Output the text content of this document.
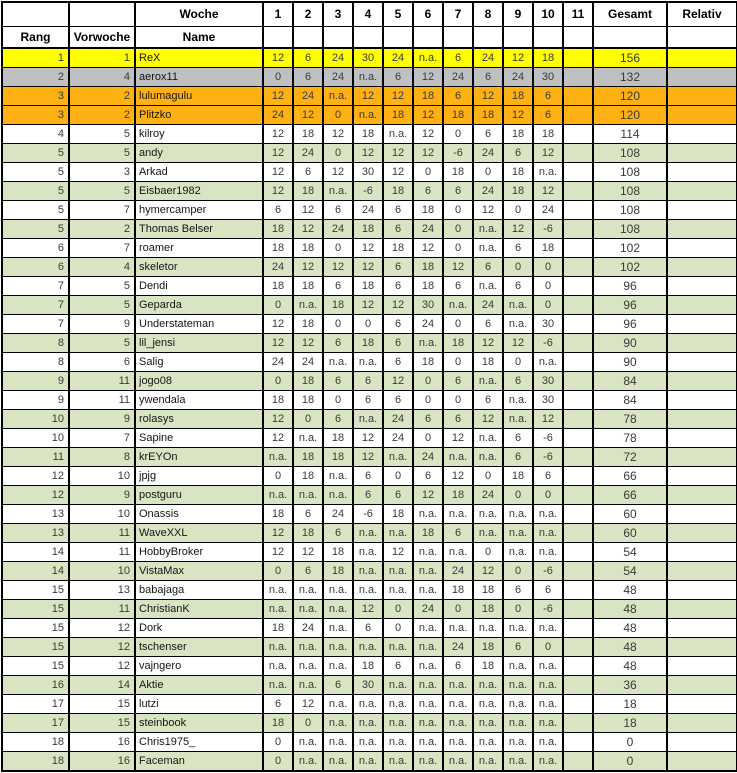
		Woche	1	2	3	4	5	6	7	8	9	10	11	Gesamt	Relativ
Rang	Vorwoche	Name													
1	1	ReX	12	6	24	30	24	n.a.	6	24	12	18		156	
2	4	aerox11	0	6	24	n.a.	6	12	24	6	24	30		132	
3	2	lulumagulu	12	24	n.a.	12	12	18	6	12	18	6		120	
3	2	Plitzko	24	12	0	n.a.	18	12	18	18	12	6		120	
4	5	kilroy	12	18	12	18	n.a.	12	0	6	18	18		114	
5	5	andy	12	24	0	12	12	12	-6	24	6	12		108	
5	3	Arkad	12	6	12	30	12	0	18	0	18	n.a.		108	
5	5	Eisbaer1982	12	18	n.a.	-6	18	6	6	24	18	12		108	
5	7	hymercamper	6	12	6	24	6	18	0	12	0	24		108	
5	2	Thomas Belser	18	12	24	18	6	24	0	n.a.	12	-6		108	
6	7	roamer	18	18	0	12	18	12	0	n.a.	6	18		102	
6	4	skeletor	24	12	12	12	6	18	12	6	0	0		102	
7	5	Dendi	18	18	6	18	6	18	6	n.a.	6	0		96	
7	5	Geparda	0	n.a.	18	12	12	30	n.a.	24	n.a.	0		96	
7	9	Understateman	12	18	0	0	6	24	0	6	n.a.	30		96	
8	5	lil_jensi	12	12	6	18	6	n.a.	18	12	12	-6		90	
8	6	Salig	24	24	n.a.	n.a.	6	18	0	18	0	n.a.		90	
9	11	jogo08	0	18	6	6	12	0	6	n.a.	6	30		84	
9	11	ywendala	18	18	0	6	6	0	0	6	n.a.	30		84	
10	9	rolasys	12	0	6	n.a.	24	6	6	12	n.a.	12		78	
10	7	Sapine	12	n.a.	18	12	24	0	12	n.a.	6	-6		78	
11	8	krEYOn	n.a.	18	18	12	n.a.	24	n.a.	n.a.	6	-6		72	
12	10	jpjg	0	18	n.a.	6	0	6	12	0	18	6		66	
12	9	postguru	n.a.	n.a.	n.a.	6	6	12	18	24	0	0		66	
13	10	Onassis	18	6	24	-6	18	n.a.	n.a.	n.a.	n.a.	n.a.		60	
13	11	WaveXXL	12	18	6	n.a.	n.a.	18	6	n.a.	n.a.	n.a.		60	
14	11	HobbyBroker	12	12	18	n.a.	12	n.a.	n.a.	0	n.a.	n.a.		54	
14	10	VistaMax	0	6	18	n.a.	n.a.	n.a.	24	12	0	-6		54	
15	13	babajaga	n.a.	n.a.	n.a.	n.a.	n.a.	n.a.	18	18	6	6		48	
15	11	ChristianK	n.a.	n.a.	n.a.	12	0	24	0	18	0	-6		48	
15	12	Dork	18	24	n.a.	6	0	n.a.	n.a.	n.a.	n.a.	n.a.		48	
15	12	tschenser	n.a.	n.a.	n.a.	n.a.	n.a.	n.a.	24	18	6	0		48	
15	12	vajngero	n.a.	n.a.	n.a.	18	6	n.a.	6	18	n.a.	n.a.		48	
16	14	Aktie	n.a.	n.a.	6	30	n.a.	n.a.	n.a.	n.a.	n.a.	n.a.		36	
17	15	lutzi	6	12	n.a.	n.a.	n.a.	n.a.	n.a.	n.a.	n.a.	n.a.		18	
17	15	steinbook	18	0	n.a.	n.a.	n.a.	n.a.	n.a.	n.a.	n.a.	n.a.		18	
18	16	Chris1975_	0	n.a.	n.a.	n.a.	n.a.	n.a.	n.a.	n.a.	n.a.	n.a.		0	
18	16	Faceman	0	n.a.	n.a.	n.a.	n.a.	n.a.	n.a.	n.a.	n.a.	n.a.		0	
